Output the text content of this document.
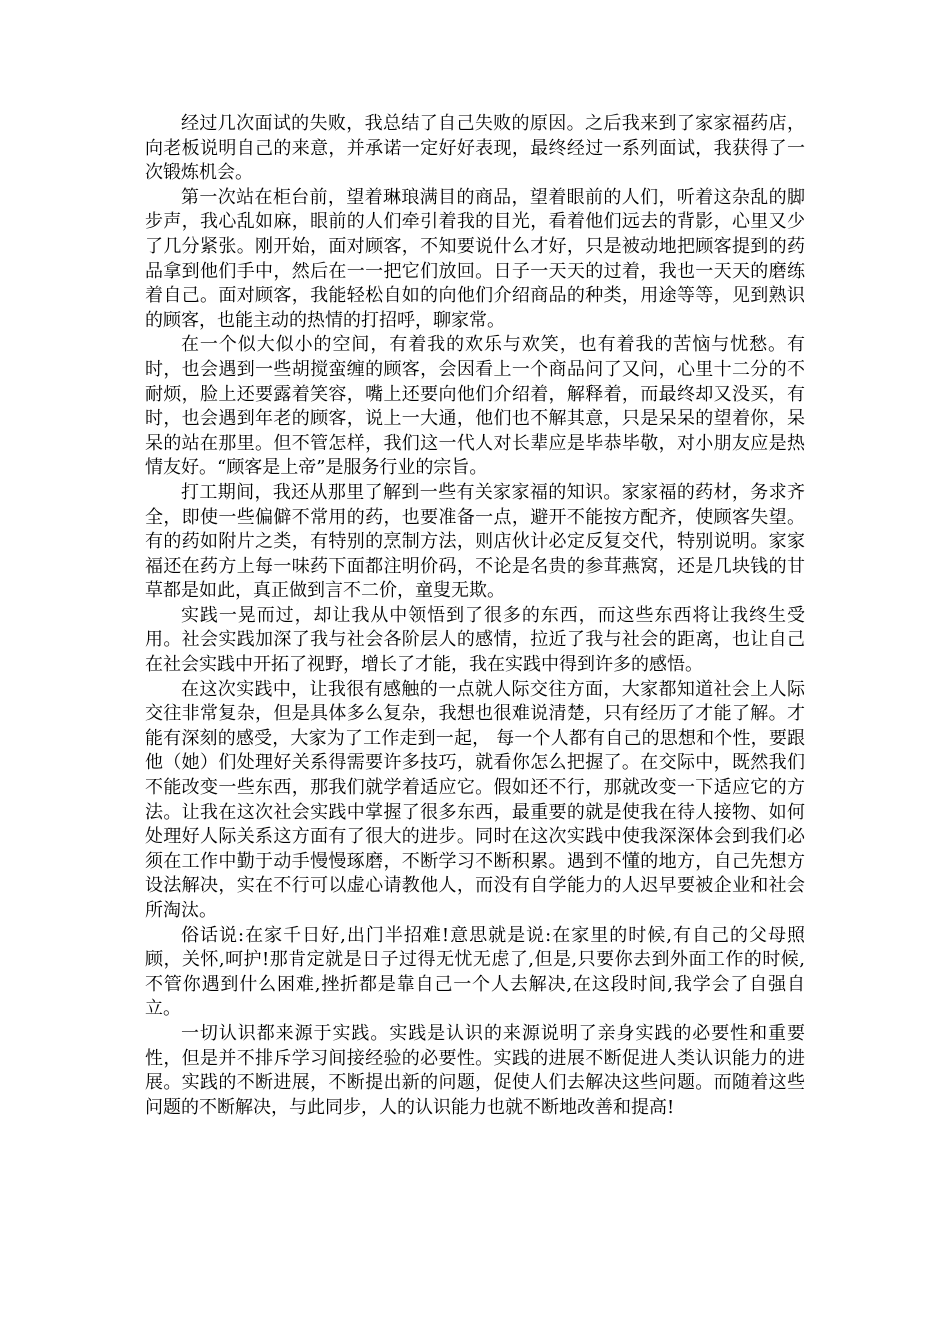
经过几次面试的失败，我总结了自己失败的原因。之后我来到了家家福药店，向老板说明自己的来意，并承诺一定好好表现，最终经过一系列面试，我获得了一次锻炼机会。

第一次站在柜台前，望着琳琅满目的商品，望着眼前的人们，听着这杂乱的脚步声，我心乱如麻，眼前的人们牵引着我的目光，看着他们远去的背影，心里又少了几分紧张。刚开始，面对顾客，不知要说什么才好，只是被动地把顾客提到的药品拿到他们手中，然后在一一把它们放回。日子一天天的过着，我也一天天的磨练着自己。面对顾客，我能轻松自如的向他们介绍商品的种类，用途等等，见到熟识的顾客，也能主动的热情的打招呼，聊家常。

在一个似大似小的空间，有着我的欢乐与欢笑，也有着我的苦恼与忧愁。有时，也会遇到一些胡搅蛮缠的顾客，会因看上一个商品问了又问，心里十二分的不耐烦，脸上还要露着笑容，嘴上还要向他们介绍着，解释着，而最终却又没买，有时，也会遇到年老的顾客，说上一大通，他们也不解其意，只是呆呆的望着你，呆呆的站在那里。但不管怎样，我们这一代人对长辈应是毕恭毕敬，对小朋友应是热情友好。“顾客是上帝”是服务行业的宗旨。

打工期间，我还从那里了解到一些有关家家福的知识。家家福的药材，务求齐全，即使一些偏僻不常用的药，也要准备一点，避开不能按方配齐，使顾客失望。有的药如附片之类，有特别的烹制方法，则店伙计必定反复交代，特别说明。家家福还在药方上每一味药下面都注明价码，不论是名贵的参茸燕窝，还是几块钱的甘草都是如此，真正做到言不二价，童叟无欺。

实践一晃而过，却让我从中领悟到了很多的东西，而这些东西将让我终生受用。社会实践加深了我与社会各阶层人的感情，拉近了我与社会的距离，也让自己在社会实践中开拓了视野，增长了才能，我在实践中得到许多的感悟。

在这次实践中，让我很有感触的一点就人际交往方面，大家都知道社会上人际交往非常复杂，但是具体多么复杂，我想也很难说清楚，只有经历了才能了解。才能有深刻的感受，大家为了工作走到一起， 每一个人都有自己的思想和个性，要跟他（她）们处理好关系得需要许多技巧，就看你怎么把握了。在交际中，既然我们不能改变一些东西，那我们就学着适应它。假如还不行，那就改变一下适应它的方法。让我在这次社会实践中掌握了很多东西，最重要的就是使我在待人接物、如何处理好人际关系这方面有了很大的进步。同时在这次实践中使我深深体会到我们必须在工作中勤于动手慢慢琢磨，不断学习不断积累。遇到不懂的地方，自己先想方设法解决，实在不行可以虚心请教他人，而没有自学能力的人迟早要被企业和社会所淘汰。

俗话说:在家千日好,出门半招难!意思就是说:在家里的时候,有自己的父母照顾，关怀,呵护!那肯定就是日子过得无忧无虑了,但是,只要你去到外面工作的时候,不管你遇到什么困难,挫折都是靠自己一个人去解决,在这段时间,我学会了自强自立。

一切认识都来源于实践。实践是认识的来源说明了亲身实践的必要性和重要性，但是并不排斥学习间接经验的必要性。实践的进展不断促进人类认识能力的进展。实践的不断进展，不断提出新的问题，促使人们去解决这些问题。而随着这些问题的不断解决，与此同步，人的认识能力也就不断地改善和提高!
